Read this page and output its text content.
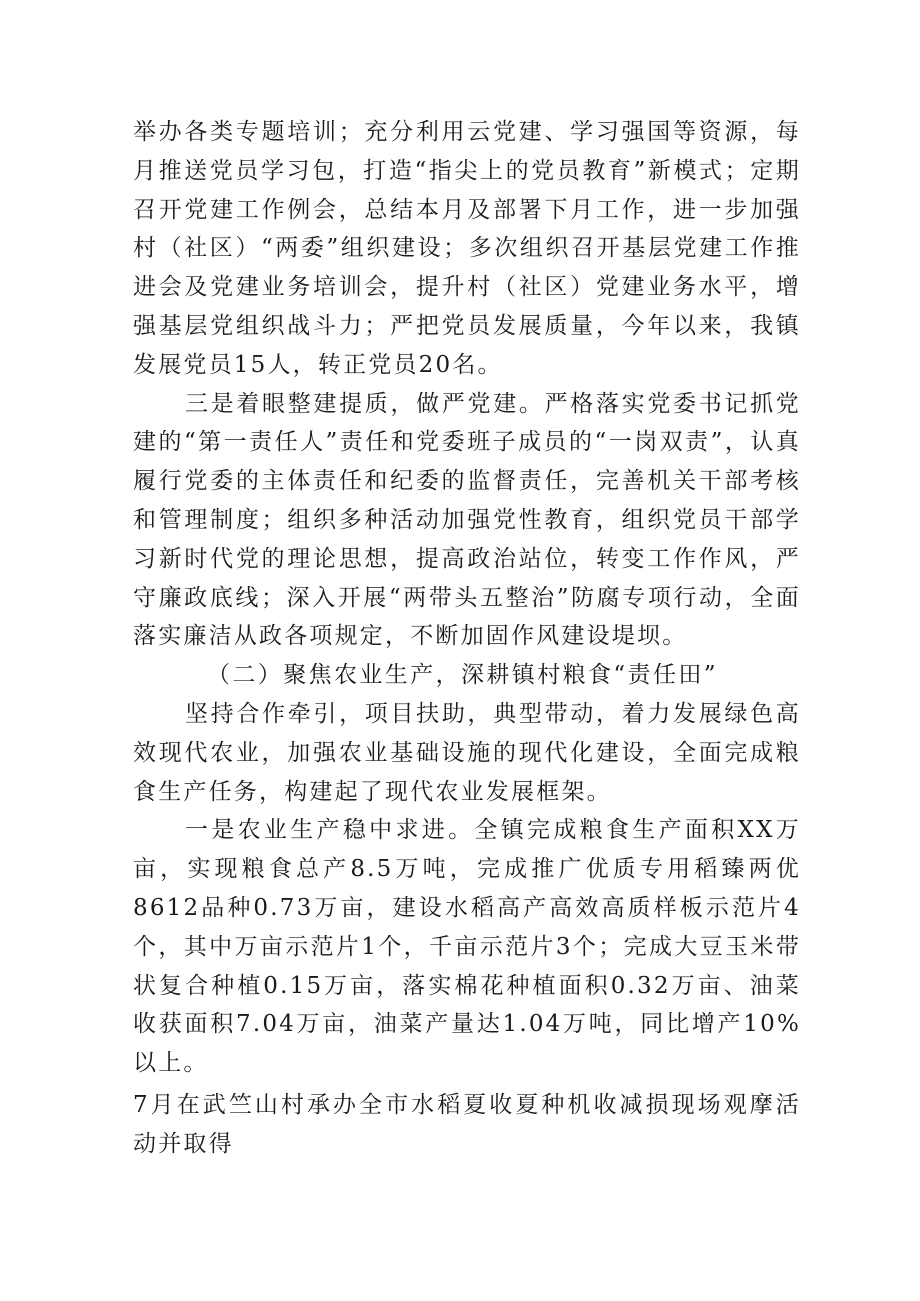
举办各类专题培训；充分利用云党建、学习强国等资源，每月推送党员学习包，打造“指尖上的党员教育”新模式；定期召开党建工作例会，总结本月及部署下月工作，进一步加强村（社区）“两委”组织建设；多次组织召开基层党建工作推进会及党建业务培训会，提升村（社区）党建业务水平，增强基层党组织战斗力；严把党员发展质量，今年以来，我镇发展党员15人，转正党员20名。

三是着眼整建提质，做严党建。严格落实党委书记抓党建的“第一责任人”责任和党委班子成员的“一岗双责”，认真履行党委的主体责任和纪委的监督责任，完善机关干部考核和管理制度；组织多种活动加强党性教育，组织党员干部学习新时代党的理论思想，提高政治站位，转变工作作风，严守廉政底线；深入开展“两带头五整治”防腐专项行动，全面落实廉洁从政各项规定，不断加固作风建设堤坝。

（二）聚焦农业生产，深耕镇村粮食“责任田”

坚持合作牵引，项目扶助，典型带动，着力发展绿色高效现代农业，加强农业基础设施的现代化建设，全面完成粮食生产任务，构建起了现代农业发展框架。

一是农业生产稳中求进。全镇完成粮食生产面积XX万亩，实现粮食总产8.5万吨，完成推广优质专用稻臻两优8612品种0.73万亩，建设水稻高产高效高质样板示范片4个，其中万亩示范片1个，千亩示范片3个；完成大豆玉米带状复合种植0.15万亩，落实棉花种植面积0.32万亩、油菜收获面积7.04万亩，油菜产量达1.04万吨，同比增产10%以上。

7月在武竺山村承办全市水稻夏收夏种机收减损现场观摩活动并取得
